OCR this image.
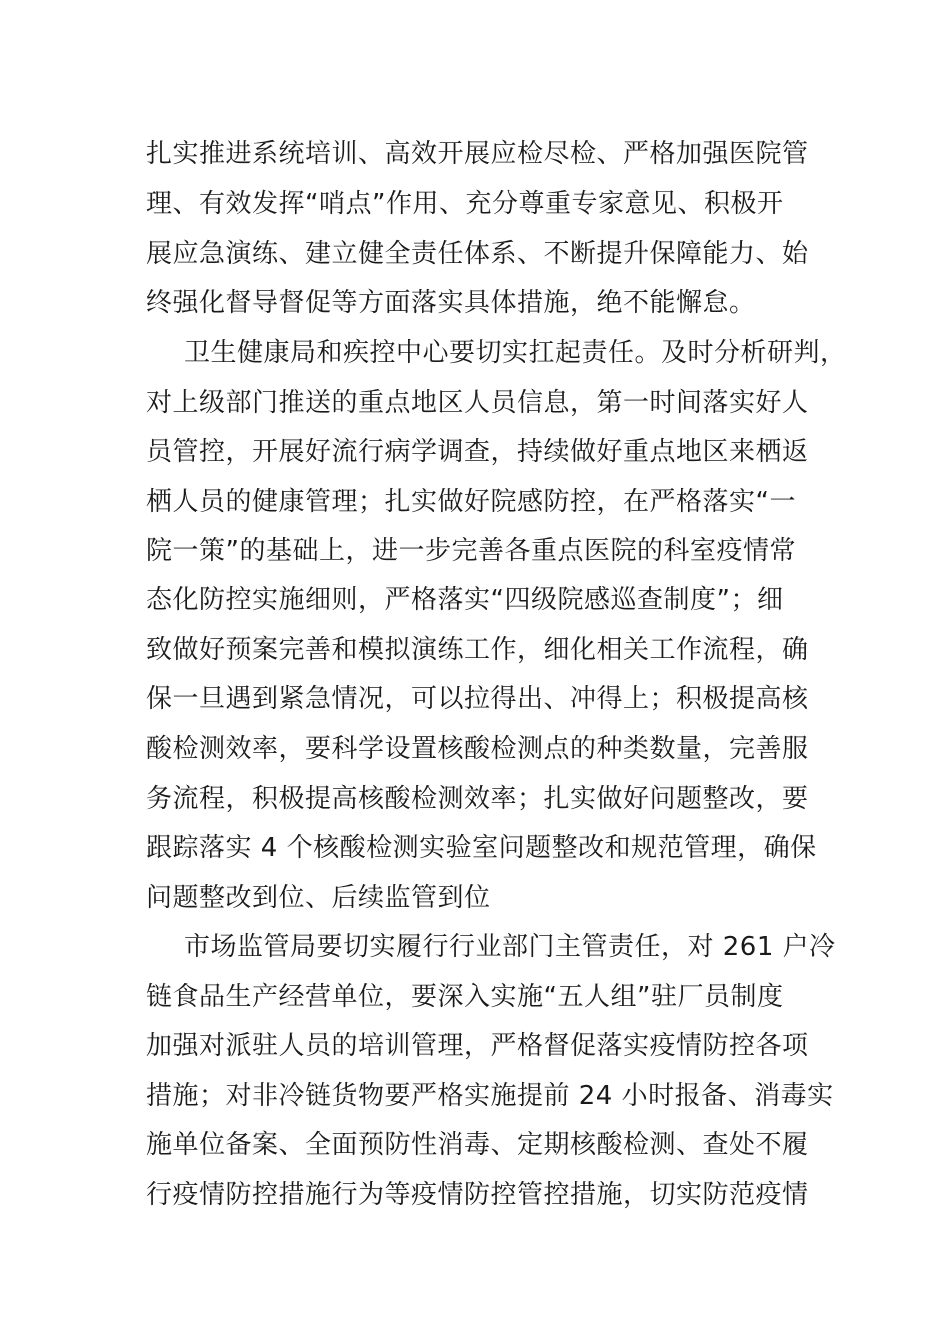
扎实推进系统培训、高效开展应检尽检、严格加强医院管
理、有效发挥“哨点”作用、充分尊重专家意见、积极开
展应急演练、建立健全责任体系、不断提升保障能力、始
终强化督导督促等方面落实具体措施，绝不能懈怠。
卫生健康局和疾控中心要切实扛起责任。及时分析研判，
对上级部门推送的重点地区人员信息，第一时间落实好人
员管控，开展好流行病学调查，持续做好重点地区来栖返
栖人员的健康管理；扎实做好院感防控，在严格落实“一
院一策”的基础上，进一步完善各重点医院的科室疫情常
态化防控实施细则，严格落实“四级院感巡查制度”；细
致做好预案完善和模拟演练工作，细化相关工作流程，确
保一旦遇到紧急情况，可以拉得出、冲得上；积极提高核
酸检测效率，要科学设置核酸检测点的种类数量，完善服
务流程，积极提高核酸检测效率；扎实做好问题整改，要
跟踪落实 4 个核酸检测实验室问题整改和规范管理，确保
问题整改到位、后续监管到位
市场监管局要切实履行行业部门主管责任，对 261 户冷
链食品生产经营单位，要深入实施“五人组”驻厂员制度
加强对派驻人员的培训管理，严格督促落实疫情防控各项
措施；对非冷链货物要严格实施提前 24 小时报备、消毒实
施单位备案、全面预防性消毒、定期核酸检测、查处不履
行疫情防控措施行为等疫情防控管控措施，切实防范疫情
